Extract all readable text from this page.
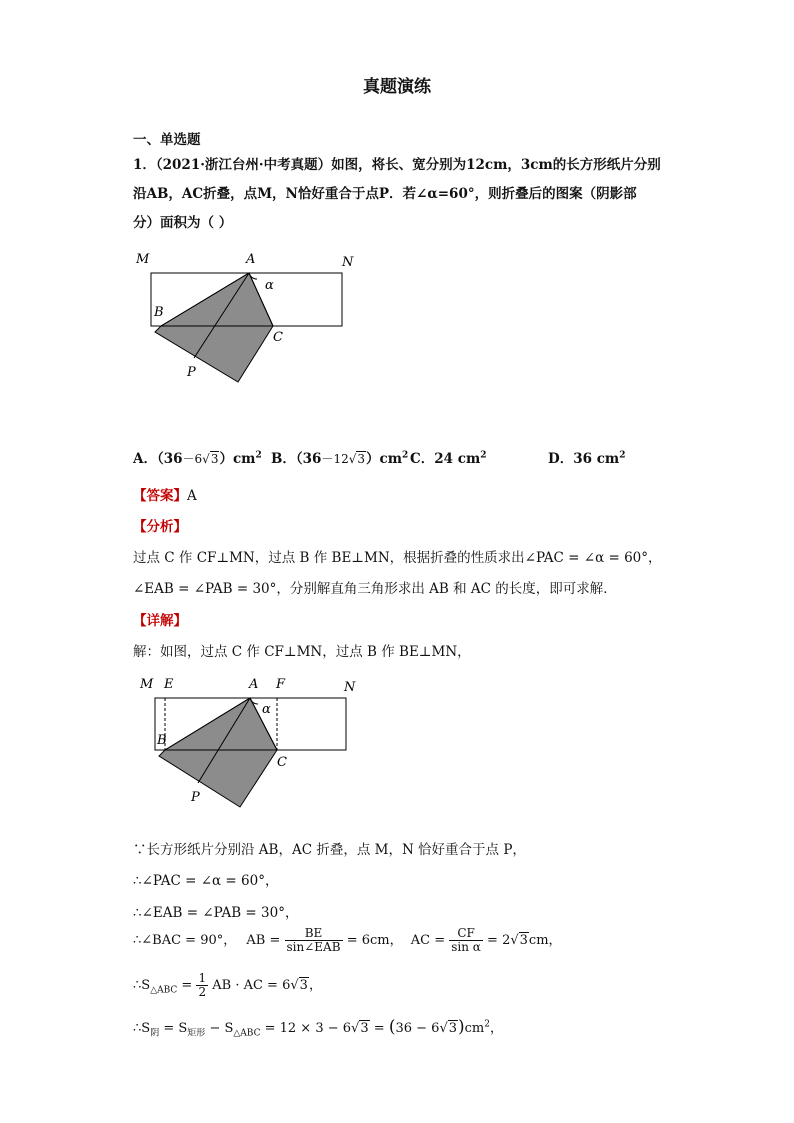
真题演练
一、单选题
1．（2021·浙江台州·中考真题）如图，将长、宽分别为12cm，3cm的长方形纸片分别
沿AB，AC折叠，点M，N恰好重合于点P．若∠α=60°，则折叠后的图案（阴影部
分）面积为（ ）
M	A	N
α
B
C
P
A．$(36-6√3)cm^2$ B．$(36-12√3)cm^2$ C．24 $cm^2$	D．36 $cm^2$
【答案】A
【分析】
过点 C 作 CF⊥MN，过点 B 作 BE⊥MN，根据折叠的性质求出∠PAC = ∠α = 60°，
∠EAB = ∠PAB = 30°，分别解直角三角形求出 AB 和 AC 的长度，即可求解．
【详解】
解：如图，过点 C 作 CF⊥MN，过点 B 作 BE⊥MN，
M E	A F	N
α
B
C
P
∵长方形纸片分别沿 AB，AC 折叠，点 M，N 恰好重合于点 P，
∴∠PAC = ∠α = 60°，
∴∠EAB = ∠PAB = 30°，
∴∠BAC = 90°， AB = $\frac{BE}{\text{sin∠EAB}} = 6cm$， AC = $\frac{CF}{\text{sin α}} = 2√3cm$，
$\therefore S_{\triangle ABC} = \frac{1}{2}$ AB · AC = 6√3，
$\therefore S_阴 = S_{矩形} - S_{\triangle ABC} = 12 \times 3 - 6√3 = (36 - 6√3)cm^2$，
